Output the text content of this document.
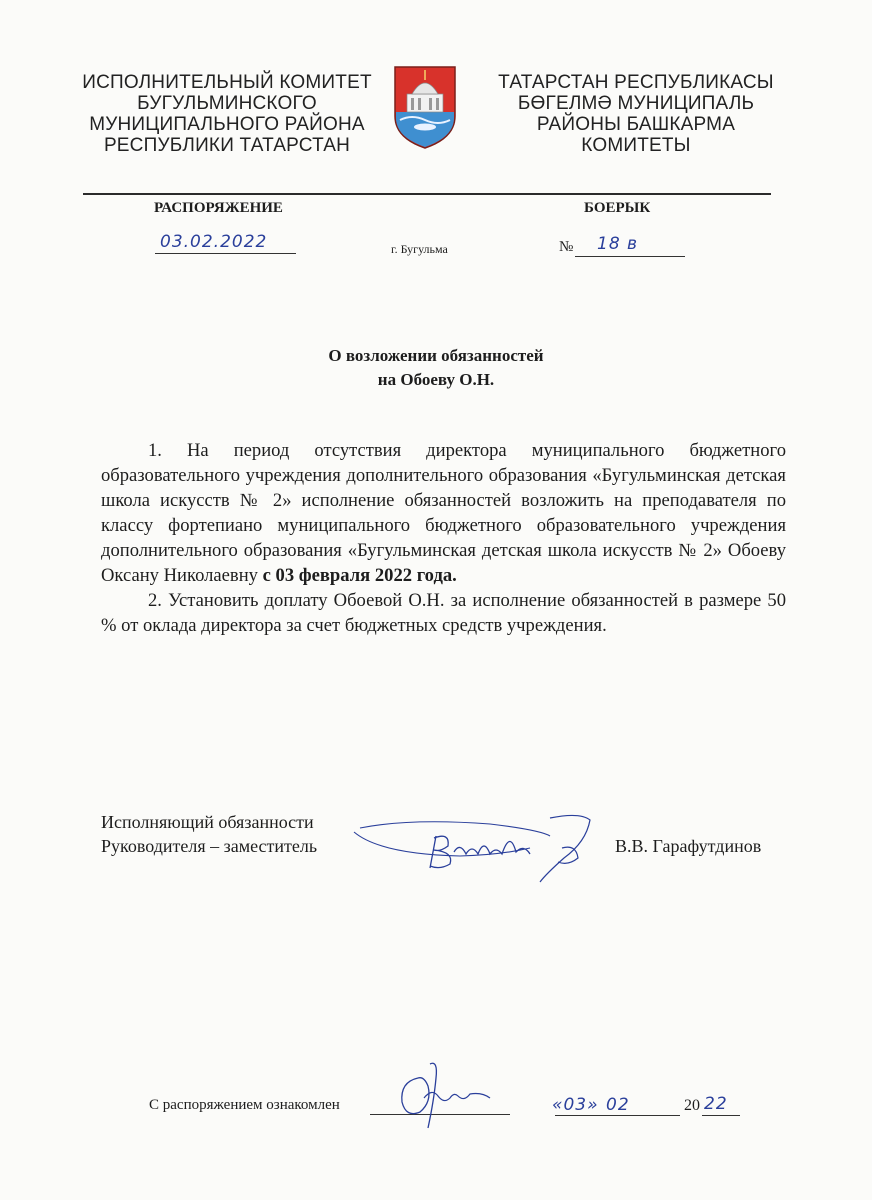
ИСПОЛНИТЕЛЬНЫЙ КОМИТЕТ
БУГУЛЬМИНСКОГО
МУНИЦИПАЛЬНОГО РАЙОНА
РЕСПУБЛИКИ ТАТАРСТАН
ТАТАРСТАН РЕСПУБЛИКАСЫ
БӨГЕЛМӘ МУНИЦИПАЛЬ
РАЙОНЫ БАШКАРМА
КОМИТЕТЫ
РАСПОРЯЖЕНИЕ	БОЕРЫК
03.02.2022	г. Бугульма	№ 18 в
О возложении обязанностей
на Обоеву О.Н.

1. На период отсутствия директора муниципального бюджетного образовательного учреждения дополнительного образования «Бугульминская детская школа искусств № 2» исполнение обязанностей возложить на преподавателя по классу фортепиано муниципального бюджетного образовательного учреждения дополнительного образования «Бугульминская детская школа искусств № 2» Обоеву Оксану Николаевну с 03 февраля 2022 года.

2. Установить доплату Обоевой О.Н. за исполнение обязанностей в размере 50 % от оклада директора за счет бюджетных средств учреждения.

Исполняющий обязанности
Руководителя – заместитель	В.В. Гарафутдинов
С распоряжением ознакомлен	«03» 02	20 22
